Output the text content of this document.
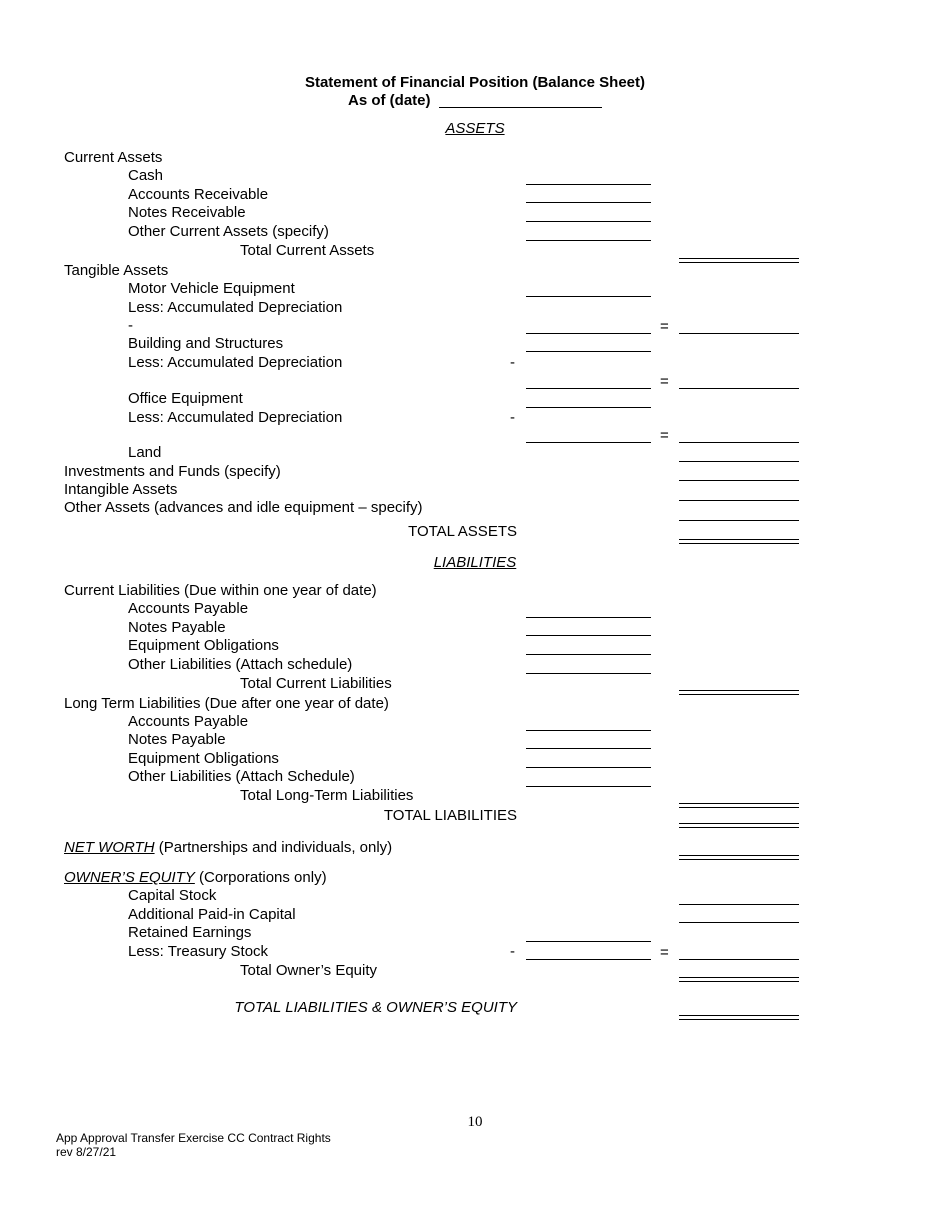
Statement of Financial Position (Balance Sheet)
As of (date)
ASSETS
Current Assets
Cash
Accounts Receivable
Notes Receivable
Other Current Assets (specify)
Total Current Assets
Tangible Assets
Motor Vehicle Equipment
Less: Accumulated Depreciation
-	=
Building and Structures
Less: Accumulated Depreciation	-
=
Office Equipment
Less: Accumulated Depreciation	-
=
Land
Investments and Funds (specify)
Intangible Assets
Other Assets (advances and idle equipment – specify)
TOTAL ASSETS
LIABILITIES
Current Liabilities (Due within one year of date)
Accounts Payable
Notes Payable
Equipment Obligations
Other Liabilities (Attach schedule)
Total Current Liabilities
Long Term Liabilities (Due after one year of date)
Accounts Payable
Notes Payable
Equipment Obligations
Other Liabilities (Attach Schedule)
Total Long-Term Liabilities
TOTAL LIABILITIES
NET WORTH (Partnerships and individuals, only)
OWNER’S EQUITY (Corporations only)
Capital Stock
Additional Paid-in Capital
Retained Earnings
Less: Treasury Stock	-	=
Total Owner’s Equity
TOTAL LIABILITIES & OWNER’S EQUITY
10
App Approval Transfer Exercise CC Contract Rights
rev 8/27/21
